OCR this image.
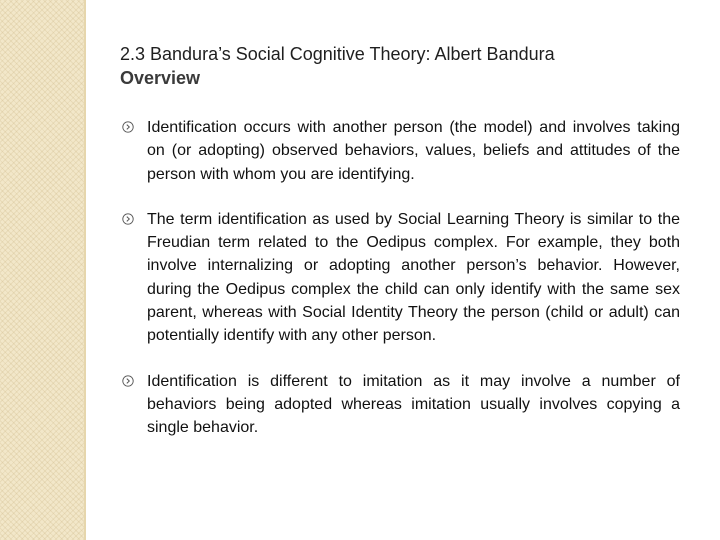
2.3 Bandura’s Social Cognitive Theory: Albert Bandura
Overview
Identification occurs with another person (the model) and involves taking on (or adopting) observed behaviors, values, beliefs and attitudes of the person with whom you are identifying.
The term identification as used by Social Learning Theory is similar to the Freudian term related to the Oedipus complex. For example, they both involve internalizing or adopting another person’s behavior. However, during the Oedipus complex the child can only identify with the same sex parent, whereas with Social Identity Theory the person (child or adult) can potentially identify with any other person.
Identification is different to imitation as it may involve a number of behaviors being adopted whereas imitation usually involves copying a single behavior.
